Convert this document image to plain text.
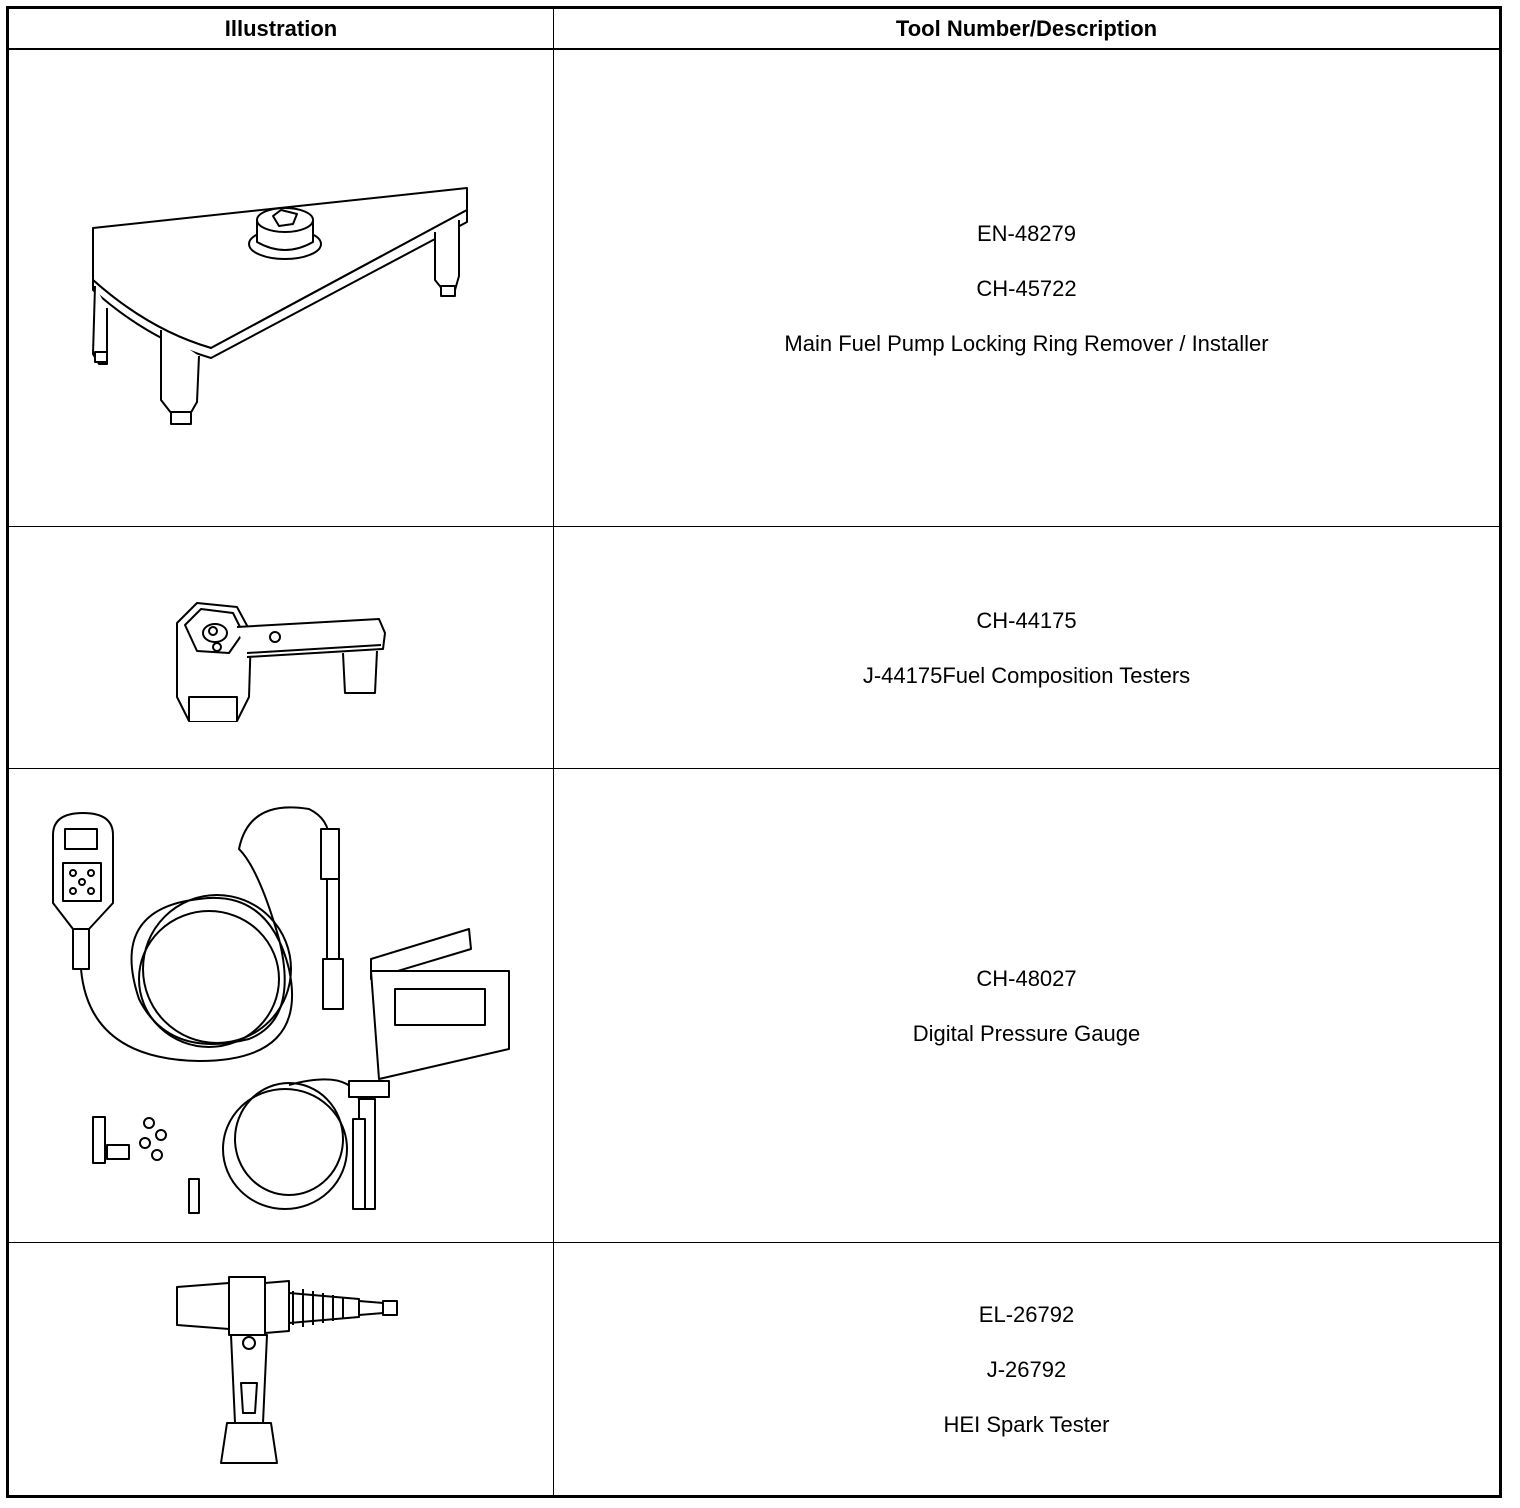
Illustration	Tool Number/Description
EN-48279
CH-45722
Main Fuel Pump Locking Ring Remover / Installer
CH-44175
J-44175Fuel Composition Testers
CH-48027
Digital Pressure Gauge
EL-26792
J-26792
HEI Spark Tester
